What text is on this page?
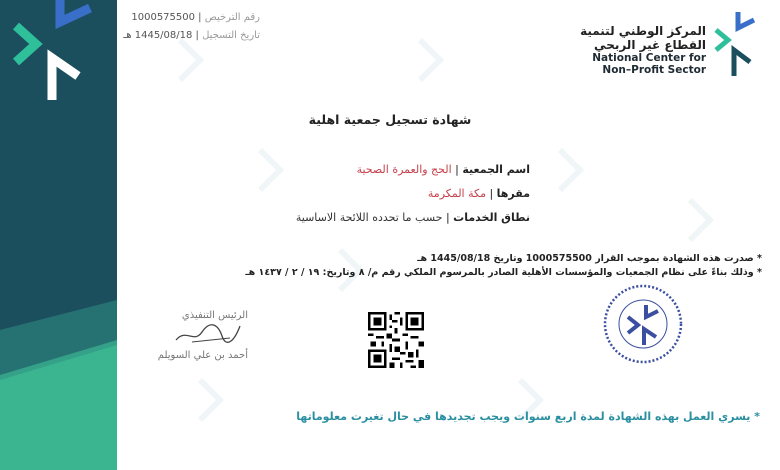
رقم الترخيص | 1000575500
تاريخ التسجيل | 1445/08/18 هـ	المركز الوطني لتنمية
القطاع غير الربحي
National Center for
Non–Profit Sector
شهادة تسجيل جمعية اهلية
اسم الجمعية | الحج والعمرة الصحية
مقرها | مكة المكرمة
نطاق الخدمات | حسب ما تحدده اللائحة الاساسية
* صدرت هذه الشهادة بموجب القرار 1000575500 وتاريخ 1445/08/18 هـ
* وذلك بناءً على نظام الجمعيات والمؤسسات الأهلية الصادر بالمرسوم الملكي رقم م/ ٨ وتاريخ: ١٩ / ٢ / ١٤٣٧ هـ
الرئيس التنفيذي
أحمد بن علي السويلم
* يسري العمل بهذه الشهادة لمدة اربع سنوات ويجب تجديدها في حال تغيرت معلوماتها
